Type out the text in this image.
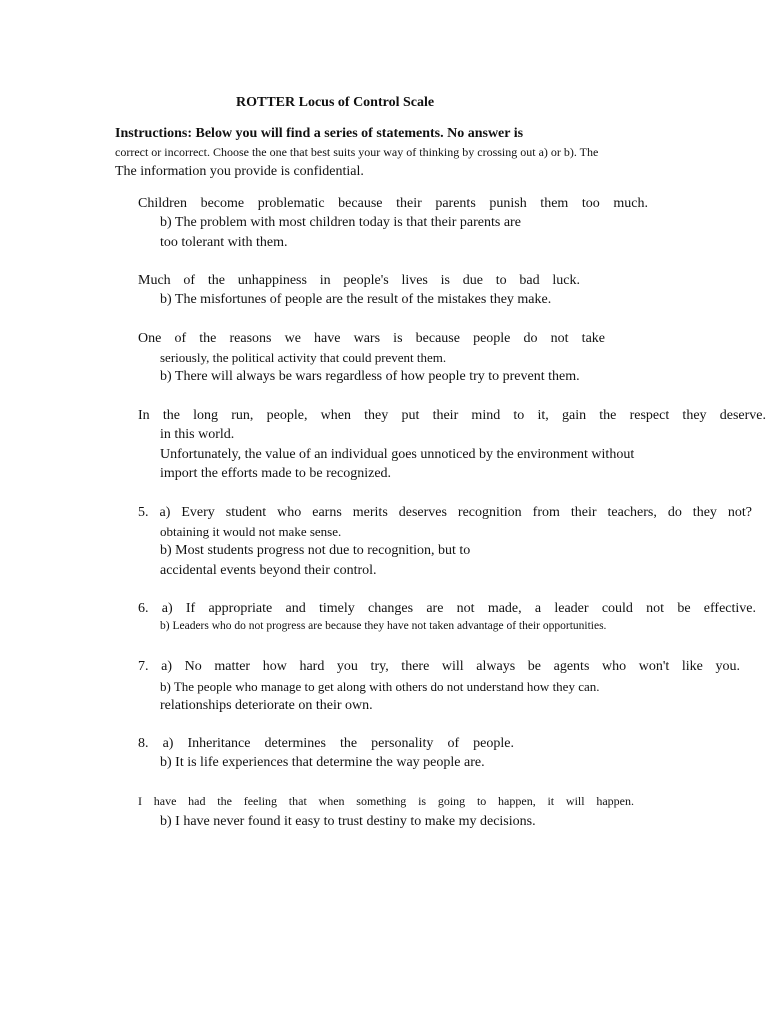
ROTTER Locus of Control Scale
Instructions: Below you will find a series of statements. No answer is
correct or incorrect. Choose the one that best suits your way of thinking by crossing out a) or b). The
The information you provide is confidential.
Children become problematic because their parents punish them too much.
b) The problem with most children today is that their parents are
too tolerant with them.
Much of the unhappiness in people's lives is due to bad luck.
b) The misfortunes of people are the result of the mistakes they make.
One of the reasons we have wars is because people do not take
seriously, the political activity that could prevent them.
b) There will always be wars regardless of how people try to prevent them.
In the long run, people, when they put their mind to it, gain the respect they deserve.
in this world.
Unfortunately, the value of an individual goes unnoticed by the environment without
import the efforts made to be recognized.
5. a) Every student who earns merits deserves recognition from their teachers, do they not?
obtaining it would not make sense.
b) Most students progress not due to recognition, but to
accidental events beyond their control.
6. a) If appropriate and timely changes are not made, a leader could not be effective.
b) Leaders who do not progress are because they have not taken advantage of their opportunities.
7. a) No matter how hard you try, there will always be agents who won't like you.
b) The people who manage to get along with others do not understand how they can.
relationships deteriorate on their own.
8. a) Inheritance determines the personality of people.
b) It is life experiences that determine the way people are.
I have had the feeling that when something is going to happen, it will happen.
b) I have never found it easy to trust destiny to make my decisions.
